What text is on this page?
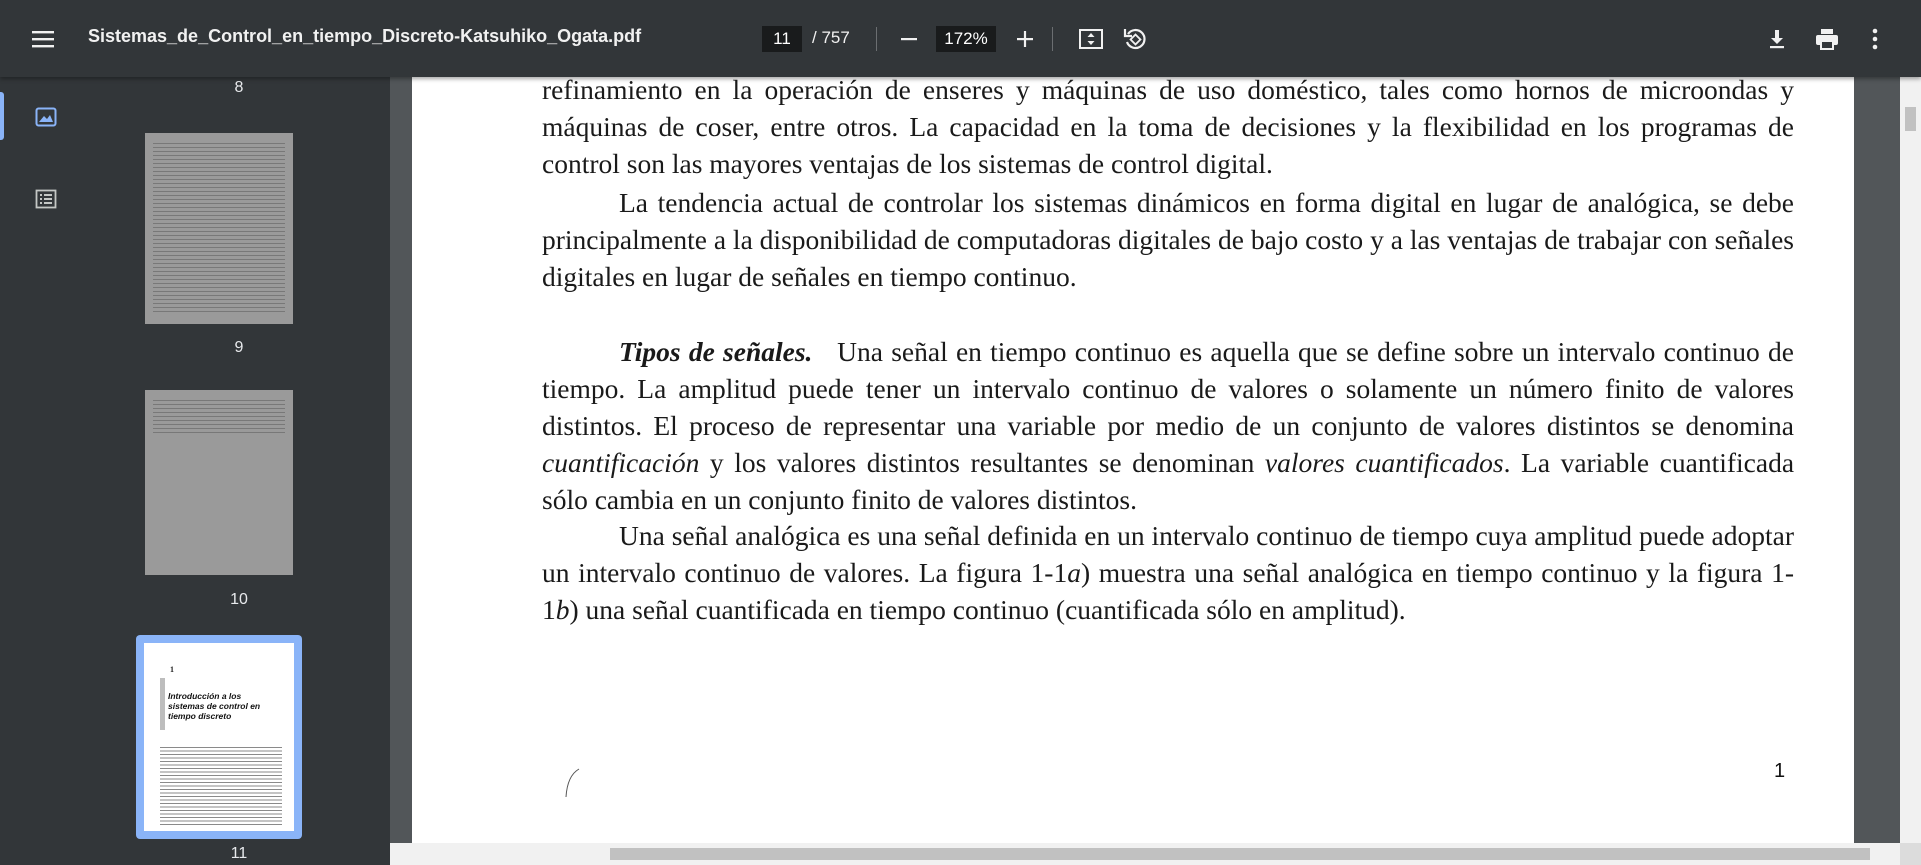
Sistemas_de_Control_en_tiempo_Discreto-Katsuhiko_Ogata.pdf
11	/ 757
172%
8
9
10
1
Introducción a los sistemas de control en tiempo discreto
11

refinamiento en la operación de enseres y máquinas de uso doméstico, tales como hornos de microondas y máquinas de coser, entre otros. La capacidad en la toma de decisiones y la flexibilidad en los programas de control son las mayores ventajas de los sistemas de control digital.

La tendencia actual de controlar los sistemas dinámicos en forma digital en lugar de analógica, se debe principalmente a la disponibilidad de computadoras digitales de bajo costo y a las ventajas de trabajar con señales digitales en lugar de señales en tiempo continuo.

Tipos de señales. Una señal en tiempo continuo es aquella que se define sobre un intervalo continuo de tiempo. La amplitud puede tener un intervalo continuo de valores o solamente un número finito de valores distintos. El proceso de representar una variable por medio de un conjunto de valores distintos se denomina cuantificación y los valores distintos resultantes se denominan valores cuantificados. La variable cuantificada sólo cambia en un conjunto finito de valores distintos.

Una señal analógica es una señal definida en un intervalo continuo de tiempo cuya amplitud puede adoptar un intervalo continuo de valores. La figura 1-1a) muestra una señal analógica en tiempo continuo y la figura 1-1b) una señal cuantificada en tiempo continuo (cuantificada sólo en amplitud).

1
